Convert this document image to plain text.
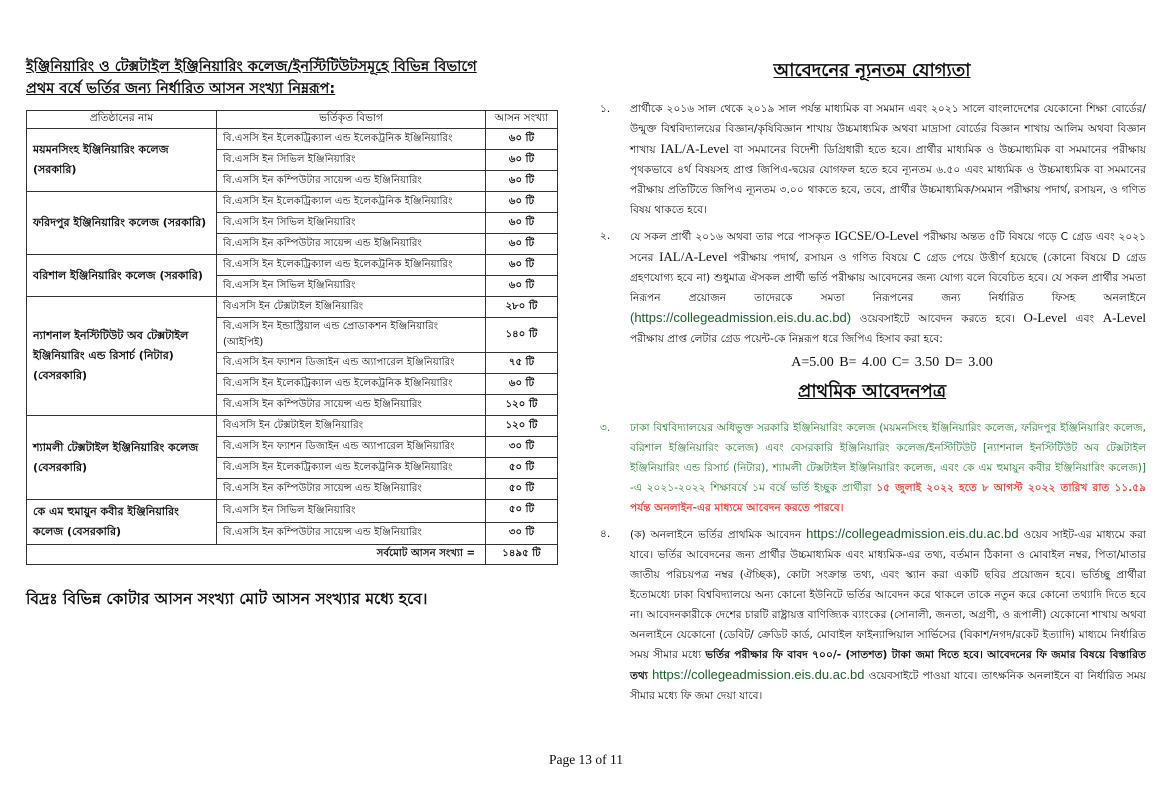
ইঞ্জিনিয়ারিং ও টেক্সটাইল ইঞ্জিনিয়ারিং কলেজ/ইনস্টিটিউটসমূহে বিভিন্ন বিভাগে
প্রথম বর্ষে ভর্তির জন্য নির্ধারিত আসন সংখ্যা নিম্নরূপ:
প্রতিষ্ঠানের নাম	ভর্তিকৃত বিভাগ	আসন সংখ্যা
ময়মনসিংহ ইঞ্জিনিয়ারিং কলেজ (সরকারি)	বি.এসসি ইন ইলেকট্রিক্যাল এন্ড ইলেকট্রনিক ইঞ্জিনিয়ারিং	৬০ টি
	বি.এসসি ইন সিভিল ইঞ্জিনিয়ারিং	৬০ টি
	বি.এসসি ইন কম্পিউটার সায়েন্স এন্ড ইঞ্জিনিয়ারিং	৬০ টি
ফরিদপুর ইঞ্জিনিয়ারিং কলেজ (সরকারি)	বি.এসসি ইন ইলেকট্রিক্যাল এন্ড ইলেকট্রনিক ইঞ্জিনিয়ারিং	৬০ টি
	বি.এসসি ইন সিভিল ইঞ্জিনিয়ারিং	৬০ টি
	বি.এসসি ইন কম্পিউটার সায়েন্স এন্ড ইঞ্জিনিয়ারিং	৬০ টি
বরিশাল ইঞ্জিনিয়ারিং কলেজ (সরকারি)	বি.এসসি ইন ইলেকট্রিক্যাল এন্ড ইলেকট্রনিক ইঞ্জিনিয়ারিং	৬০ টি
	বি.এসসি ইন সিভিল ইঞ্জিনিয়ারিং	৬০ টি
ন্যাশনাল ইনস্টিটিউট অব টেক্সটাইল ইঞ্জিনিয়ারিং এন্ড রিসার্চ (নিটার) (বেসরকারি)	বিএসসি ইন টেক্সটাইল ইঞ্জিনিয়ারিং	২৮০ টি
	বি.এসসি ইন ইন্ডাস্ট্রিয়াল এন্ড প্রোডাকশন ইঞ্জিনিয়ারিং (আইপিই)	১৪০ টি
	বি.এসসি ইন ফ্যাশন ডিজাইন এন্ড অ্যাপারেল ইঞ্জিনিয়ারিং	৭৫ টি
	বি.এসসি ইন ইলেকট্রিক্যাল এন্ড ইলেকট্রনিক ইঞ্জিনিয়ারিং	৬০ টি
	বি.এসসি ইন কম্পিউটার সায়েন্স এন্ড ইঞ্জিনিয়ারিং	১২০ টি
শ্যামলী টেক্সটাইল ইঞ্জিনিয়ারিং কলেজ (বেসরকারি)	বিএসসি ইন টেক্সটাইল ইঞ্জিনিয়ারিং	১২০ টি
	বি.এসসি ইন ফ্যাশন ডিজাইন এন্ড অ্যাপারেল ইঞ্জিনিয়ারিং	৩০ টি
	বি.এসসি ইন ইলেকট্রিক্যাল এন্ড ইলেকট্রনিক ইঞ্জিনিয়ারিং	৫০ টি
	বি.এসসি ইন কম্পিউটার সায়েন্স এন্ড ইঞ্জিনিয়ারিং	৫০ টি
কে এম হুমায়ুন কবীর ইঞ্জিনিয়ারিং কলেজ (বেসরকারি)	বি.এসসি ইন সিভিল ইঞ্জিনিয়ারিং	৫০ টি
	বি.এসসি ইন কম্পিউটার সায়েন্স এন্ড ইঞ্জিনিয়ারিং	৩০ টি
সর্বমোট আসন সংখ্যা =		১৪৯৫ টি
বিদ্রঃ বিভিন্ন কোটার আসন সংখ্যা মোট আসন সংখ্যার মধ্যে হবে।
আবেদনের ন্যূনতম যোগ্যতা
১.	প্রার্থীকে ২০১৬ সাল থেকে ২০১৯ সাল পর্যন্ত মাধ্যমিক বা সমমান এবং ২০২১ সালে বাংলাদেশের যেকোনো শিক্ষা বোর্ডের/উন্মুক্ত বিশ্ববিদ্যালয়ের বিজ্ঞান/কৃষিবিজ্ঞান শাখায় উচ্চমাধ্যমিক অথবা মাদ্রাসা বোর্ডের বিজ্ঞান শাখায় আলিম অথবা বিজ্ঞান শাখায় IAL/A-Level বা সমমানের বিদেশী ডিগ্রিধারী হতে হবে। প্রার্থীর মাধ্যমিক ও উচ্চমাধ্যমিক বা সমমানের পরীক্ষায় পৃথকভাবে ৪র্থ বিষয়সহ প্রাপ্ত জিপিএ-দ্বয়ের যোগফল হতে হবে ন্যূনতম ৬.৫০ এবং মাধ্যমিক ও উচ্চমাধ্যমিক বা সমমানের পরীক্ষায় প্রতিটিতে জিপিএ ন্যূনতম ৩.০০ থাকতে হবে, তবে, প্রার্থীর উচ্চমাধ্যমিক/সমমান পরীক্ষায় পদার্থ, রসায়ন, ও গণিত বিষয় থাকতে হবে।
২.	যে সকল প্রার্থী ২০১৬ অথবা তার পরে পাসকৃত IGCSE/O-Level পরীক্ষায় অন্তত ৫টি বিষয়ে গড়ে C গ্রেড এবং ২০২১ সনের IAL/A-Level পরীক্ষায় পদার্থ, রসায়ন ও গণিত বিষয়ে C গ্রেড পেয়ে উত্তীর্ণ হয়েছে (কোনো বিষয়ে D গ্রেড গ্রহণযোগ্য হবে না) শুধুমাত্র ঐসকল প্রার্থী ভর্তি পরীক্ষায় আবেদনের জন্য যোগ্য বলে বিবেচিত হবে। যে সকল প্রার্থীর সমতা নিরূপন প্রয়োজন তাদেরকে সমতা নিরূপনের জন্য নির্ধারিত ফিসহ অনলাইনে (https://collegeadmission.eis.du.ac.bd) ওয়েবসাইটে আবেদন করতে হবে। O-Level এবং A-Level পরীক্ষায় প্রাপ্ত লেটার গ্রেড পয়েন্ট-কে নিম্নরূপ ধরে জিপিএ হিসাব করা হবে:
A=5.00 B= 4.00 C= 3.50 D= 3.00
প্রাথমিক আবেদনপত্র
৩.	ঢাকা বিশ্ববিদ্যালয়ের অধিভুক্ত সরকারি ইঞ্জিনিয়ারিং কলেজ (ময়মনসিংহ ইঞ্জিনিয়ারিং কলেজ, ফরিদপুর ইঞ্জিনিয়ারিং কলেজ, বরিশাল ইঞ্জিনিয়ারিং কলেজ) এবং বেসরকারি ইঞ্জিনিয়ারিং কলেজ/ইনস্টিটিউট [ন্যাশনাল ইনস্টিটিউট অব টেক্সটাইল ইঞ্জিনিয়ারিং এন্ড রিসার্চ (নিটার), শ্যামলী টেক্সটাইল ইঞ্জিনিয়ারিং কলেজ, এবং কে এম হুমায়ুন কবীর ইঞ্জিনিয়ারিং কলেজ)] -এ ২০২১-২০২২ শিক্ষাবর্ষে ১ম বর্ষে ভর্তি ইচ্ছুক প্রার্থীরা ১৫ জুলাই ২০২২ হতে ৮ আগস্ট ২০২২ তারিখ রাত ১১.৫৯ পর্যন্ত অনলাইন-এর মাধ্যমে আবেদন করতে পারবে।
৪.	(ক) অনলাইনে ভর্তির প্রাথমিক আবেদন https://collegeadmission.eis.du.ac.bd ওয়েব সাইট-এর মাধ্যমে করা যাবে। ভর্তির আবেদনের জন্য প্রার্থীর উচ্চমাধ্যমিক এবং মাধ্যমিক-এর তথ্য, বর্তমান ঠিকানা ও মোবাইল নম্বর, পিতা/মাতার জাতীয় পরিচয়পত্র নম্বর (ঐচ্ছিক), কোটা সংক্রান্ত তথ্য, এবং স্ক্যান করা একটি ছবির প্রয়োজন হবে। ভর্তিচ্ছু প্রার্থীরা ইতোমধ্যে ঢাকা বিশ্ববিদ্যালয়ে অন্য কোনো ইউনিটে ভর্তির আবেদন করে থাকলে তাকে নতুন করে কোনো তথ্যাদি দিতে হবে না। আবেদনকারীকে দেশের চারটি রাষ্ট্রায়ত্ত বাণিজ্যিক ব্যাংকের (সোনালী, জনতা, অগ্রণী, ও রূপালী) যেকোনো শাখায় অথবা অনলাইনে যেকোনো (ডেবিট/ ক্রেডিট কার্ড, মোবাইল ফাইন্যান্সিয়াল সার্ভিসের (বিকাশ/নগদ/রকেট ইত্যাদি) মাধ্যমে নির্ধারিত সময় সীমার মধ্যে ভর্তির পরীক্ষার ফি বাবদ ৭০০/- (সাতশত) টাকা জমা দিতে হবে। আবেদনের ফি জমার বিষয়ে বিস্তারিত তথ্য https://collegeadmission.eis.du.ac.bd ওয়েবসাইটে পাওয়া যাবে। তাৎক্ষনিক অনলাইনে বা নির্ধারিত সময় সীমার মধ্যে ফি জমা দেয়া যাবে।
Page 13 of 11
